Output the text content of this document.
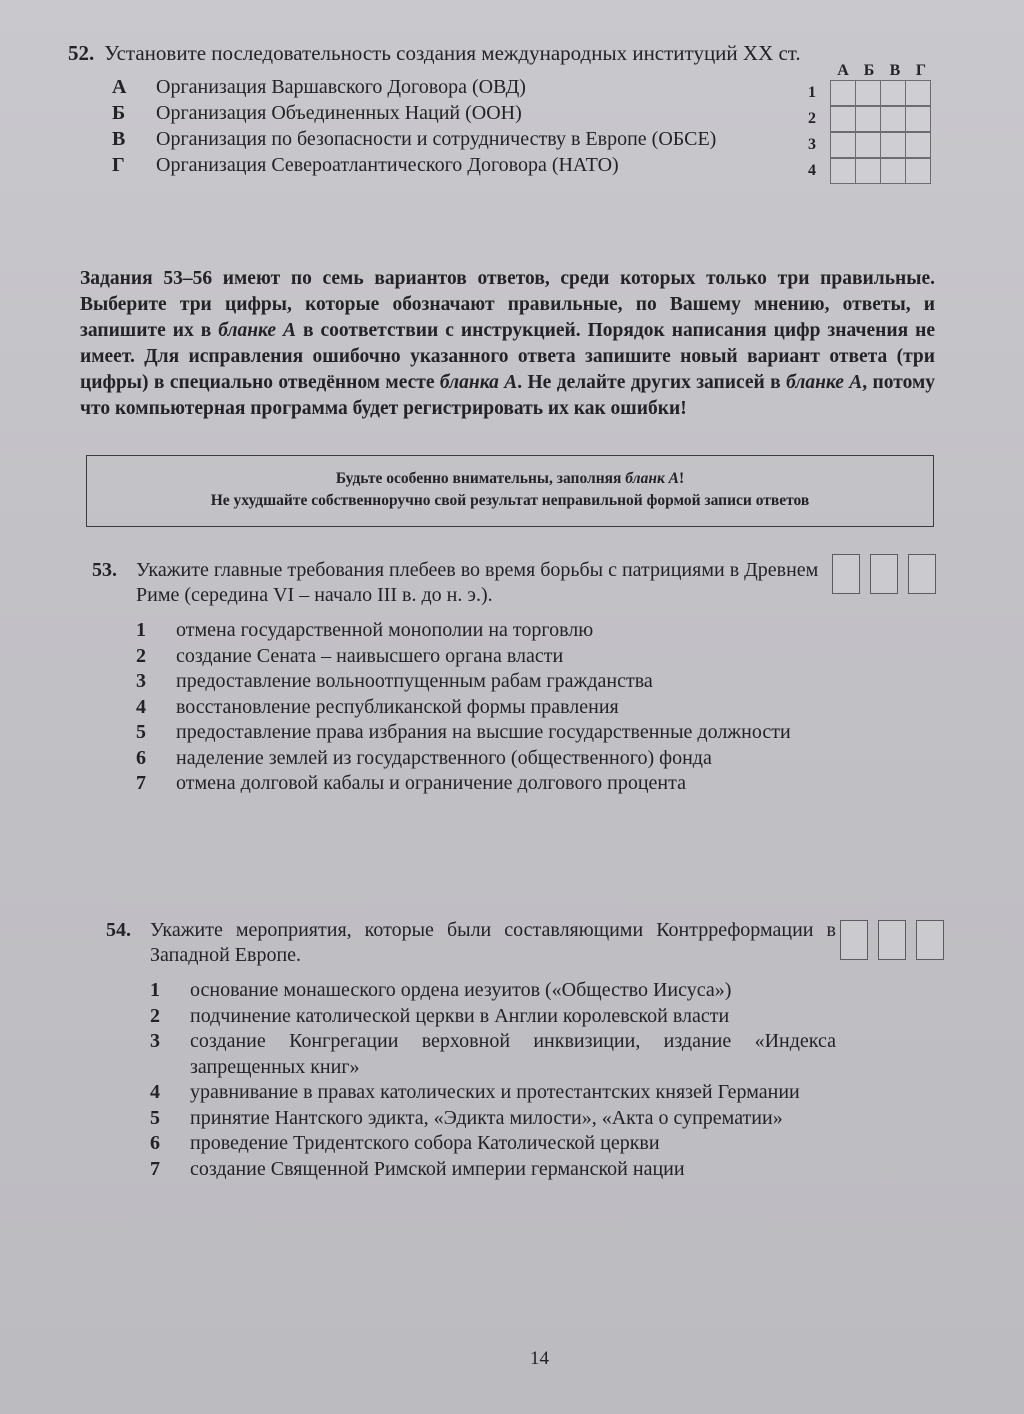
52. Установите последовательность создания международных институций XX ст.
А	Организация Варшавского Договора (ОВД)
Б	Организация Объединенных Наций (ООН)
В	Организация по безопасности и сотрудничеству в Европе (ОБСЕ)
Г	Организация Североатлантического Договора (НАТО)
А Б В Г
1
2
3
4
Задания 53–56 имеют по семь вариантов ответов, среди которых только три правильные. Выберите три цифры, которые обозначают правильные, по Вашему мнению, ответы, и запишите их в бланке А в соответствии с инструкцией. Порядок написания цифр значения не имеет. Для исправления ошибочно указанного ответа запишите новый вариант ответа (три цифры) в специально отведённом месте бланка А. Не делайте других записей в бланке А, потому что компьютерная программа будет регистрировать их как ошибки!
Будьте особенно внимательны, заполняя бланк А!
Не ухудшайте собственноручно свой результат неправильной формой записи ответов
53. Укажите главные требования плебеев во время борьбы с патрициями в Древнем Риме (середина VI – начало III в. до н. э.).
1	отмена государственной монополии на торговлю
2	создание Сената – наивысшего органа власти
3	предоставление вольноотпущенным рабам гражданства
4	восстановление республиканской формы правления
5	предоставление права избрания на высшие государственные должности
6	наделение землей из государственного (общественного) фонда
7	отмена долговой кабалы и ограничение долгового процента
54. Укажите мероприятия, которые были составляющими Контрреформации в Западной Европе.
1	основание монашеского ордена иезуитов («Общество Иисуса»)
2	подчинение католической церкви в Англии королевской власти
3	создание Конгрегации верховной инквизиции, издание «Индекса запрещенных книг»
4	уравнивание в правах католических и протестантских князей Германии
5	принятие Нантского эдикта, «Эдикта милости», «Акта о супрематии»
6	проведение Тридентского собора Католической церкви
7	создание Священной Римской империи германской нации
14
